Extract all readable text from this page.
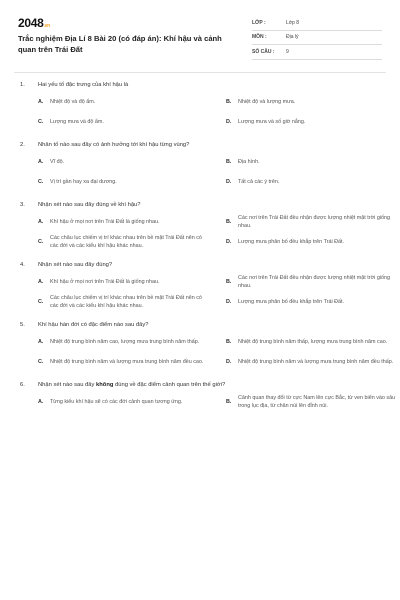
2048.vn
Trắc nghiệm Địa Lí 8 Bài 20 (có đáp án): Khí hậu và cảnh quan trên Trái Đất
LỚP :	Lớp 8
MÔN :	Địa lý
SỐ CÂU :	9
1.	Hai yếu tố đặc trưng của khí hậu là
A.	Nhiệt độ và độ ẩm.	B.	Nhiệt độ và lượng mưa.
C.	Lượng mưa và độ ẩm.	D.	Lượng mưa và số giờ nắng.
2.	Nhân tố nào sau đây có ảnh hưởng tới khí hậu từng vùng?
A.	Vĩ độ.	B.	Địa hình.
C.	Vị trí gần hay xa đại dương.	D.	Tất cả các ý trên.
3.	Nhận xét nào sau đây đúng về khí hậu?
A.	Khí hậu ở mọi nơi trên Trái Đất là giống nhau.	B.
Các nơi trên Trái Đất đều nhận được lượng nhiệt mặt trời giống nhau.
C.
Các châu lục chiếm vị trí khác nhau trên bề mặt Trái Đất nên có các đới và các kiểu khí hậu khác nhau.
D.	Lượng mưa phân bố đều khắp trên Trái Đất.
4.	Nhận xét nào sau đây đúng?
A.	Khí hậu ở mọi nơi trên Trái Đất là giống nhau.	B.
Các nơi trên Trái Đất đều nhận được lượng nhiệt mặt trời giống nhau.
C.
Các châu lục chiếm vị trí khác nhau trên bề mặt Trái Đất nên có các đới và các kiểu khí hậu khác nhau.
D.	Lượng mưa phân bố đều khắp trên Trái Đất.
5.	Khí hậu hàn đới có đặc điểm nào sau đây?
A.	Nhiệt độ trung bình năm cao, lượng mưa trung bình năm thấp.	B.	Nhiệt độ trung bình năm thấp, lượng mưa trung bình năm cao.
C.	Nhiệt độ trung bình năm và lượng mưa trung bình năm đều cao.	D.	Nhiệt độ trung bình năm và lượng mưa trung bình năm đều thấp.
6.	Nhận xét nào sau đây không đúng về đặc điểm cảnh quan trên thế giới?
A.	Từng kiểu khí hậu sẽ có các đới cảnh quan tương ứng.	B.
Cảnh quan thay đổi từ cực Nam lên cực Bắc, từ ven biển vào sâu trong lục địa, từ chân núi lên đỉnh núi.
